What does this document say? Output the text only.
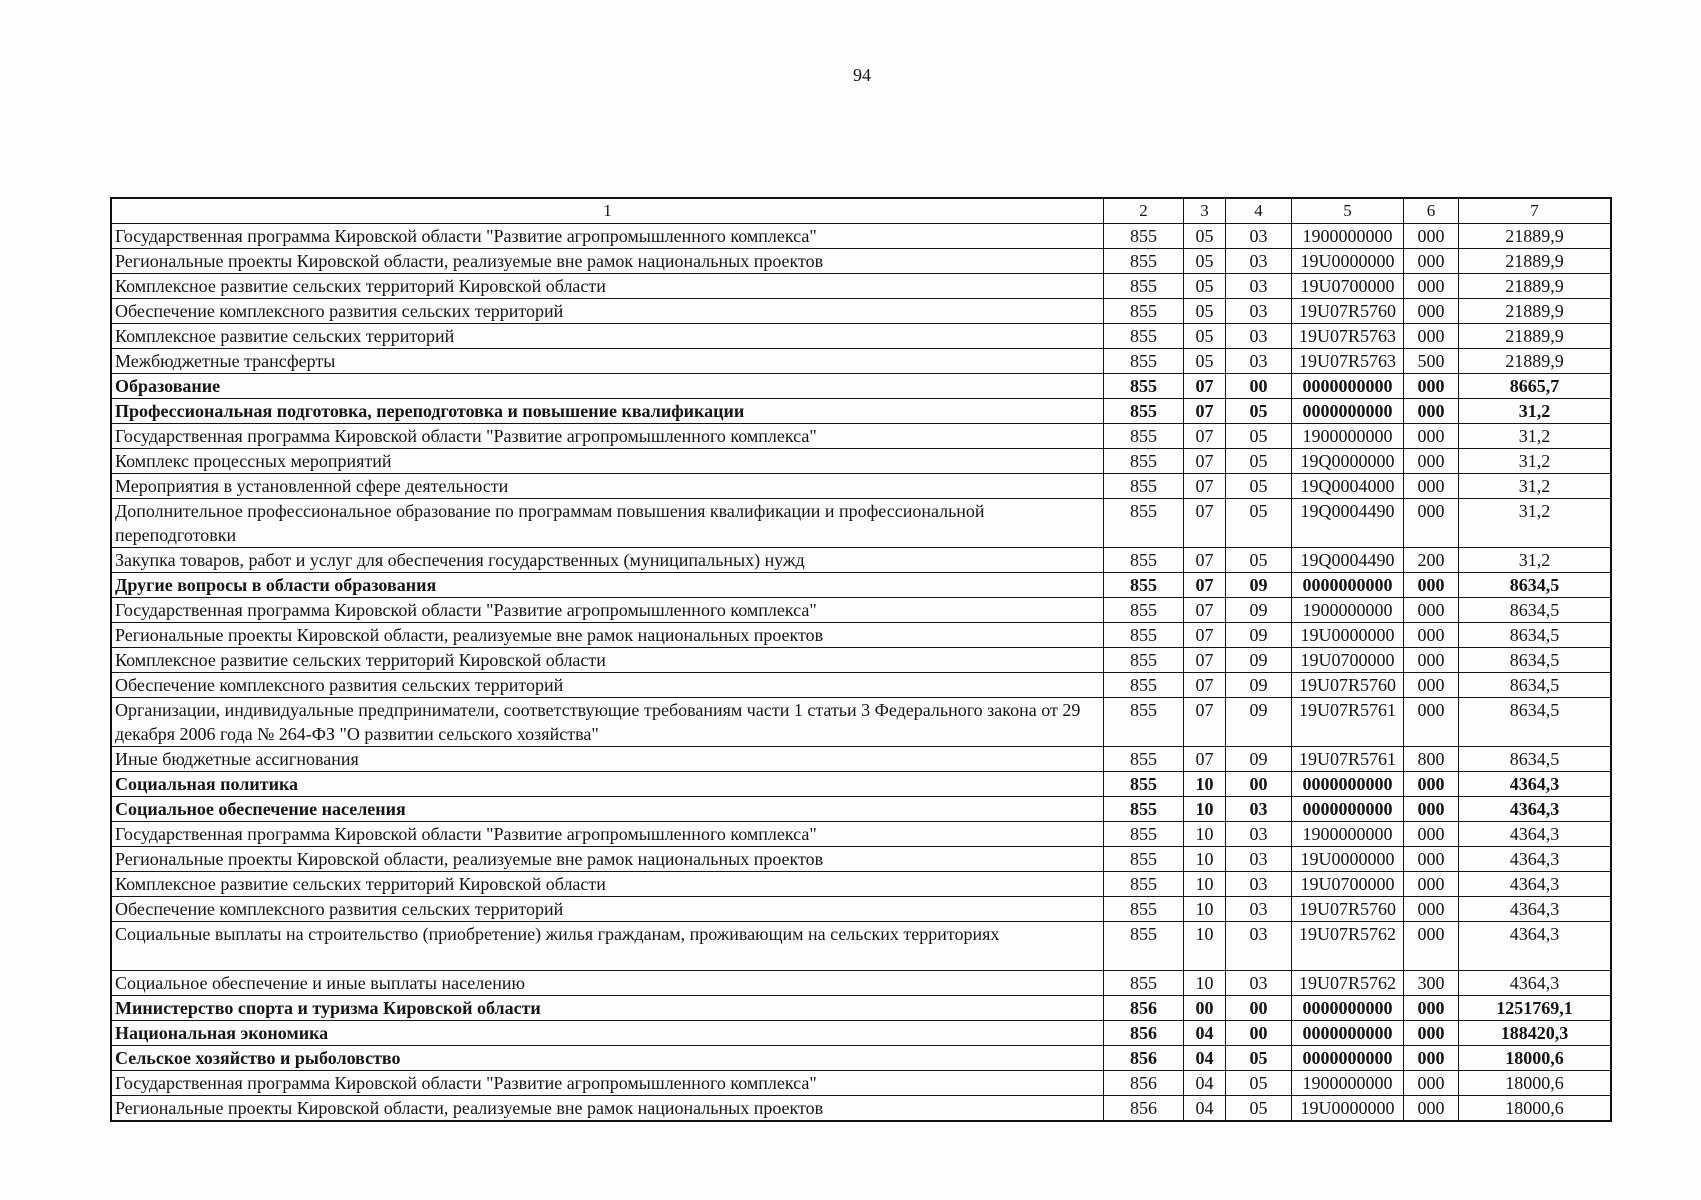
94
1	2	3	4	5	6	7
Государственная программа Кировской области "Развитие агропромышленного комплекса"	855	05	03	1900000000	000	21889,9
Региональные проекты Кировской области, реализуемые вне рамок национальных проектов	855	05	03	19U0000000	000	21889,9
Комплексное развитие сельских территорий Кировской области	855	05	03	19U0700000	000	21889,9
Обеспечение комплексного развития сельских территорий	855	05	03	19U07R5760	000	21889,9
Комплексное развитие сельских территорий	855	05	03	19U07R5763	000	21889,9
Межбюджетные трансферты	855	05	03	19U07R5763	500	21889,9
Образование	855	07	00	0000000000	000	8665,7
Профессиональная подготовка, переподготовка и повышение квалификации	855	07	05	0000000000	000	31,2
Государственная программа Кировской области "Развитие агропромышленного комплекса"	855	07	05	1900000000	000	31,2
Комплекс процессных мероприятий	855	07	05	19Q0000000	000	31,2
Мероприятия в установленной сфере деятельности	855	07	05	19Q0004000	000	31,2
Дополнительное профессиональное образование по программам повышения квалификации и профессиональной переподготовки	855	07	05	19Q0004490	000	31,2
Закупка товаров, работ и услуг для обеспечения государственных (муниципальных) нужд	855	07	05	19Q0004490	200	31,2
Другие вопросы в области образования	855	07	09	0000000000	000	8634,5
Государственная программа Кировской области "Развитие агропромышленного комплекса"	855	07	09	1900000000	000	8634,5
Региональные проекты Кировской области, реализуемые вне рамок национальных проектов	855	07	09	19U0000000	000	8634,5
Комплексное развитие сельских территорий Кировской области	855	07	09	19U0700000	000	8634,5
Обеспечение комплексного развития сельских территорий	855	07	09	19U07R5760	000	8634,5
Организации, индивидуальные предприниматели, соответствующие требованиям части 1 статьи 3 Федерального закона от 29 декабря 2006 года № 264-ФЗ "О развитии сельского хозяйства"	855	07	09	19U07R5761	000	8634,5
Иные бюджетные ассигнования	855	07	09	19U07R5761	800	8634,5
Социальная политика	855	10	00	0000000000	000	4364,3
Социальное обеспечение населения	855	10	03	0000000000	000	4364,3
Государственная программа Кировской области "Развитие агропромышленного комплекса"	855	10	03	1900000000	000	4364,3
Региональные проекты Кировской области, реализуемые вне рамок национальных проектов	855	10	03	19U0000000	000	4364,3
Комплексное развитие сельских территорий Кировской области	855	10	03	19U0700000	000	4364,3
Обеспечение комплексного развития сельских территорий	855	10	03	19U07R5760	000	4364,3
Социальные выплаты на строительство (приобретение) жилья гражданам, проживающим на сельских территориях	855	10	03	19U07R5762	000	4364,3
Социальное обеспечение и иные выплаты населению	855	10	03	19U07R5762	300	4364,3
Министерство спорта и туризма Кировской области	856	00	00	0000000000	000	1251769,1
Национальная экономика	856	04	00	0000000000	000	188420,3
Сельское хозяйство и рыболовство	856	04	05	0000000000	000	18000,6
Государственная программа Кировской области "Развитие агропромышленного комплекса"	856	04	05	1900000000	000	18000,6
Региональные проекты Кировской области, реализуемые вне рамок национальных проектов	856	04	05	19U0000000	000	18000,6
